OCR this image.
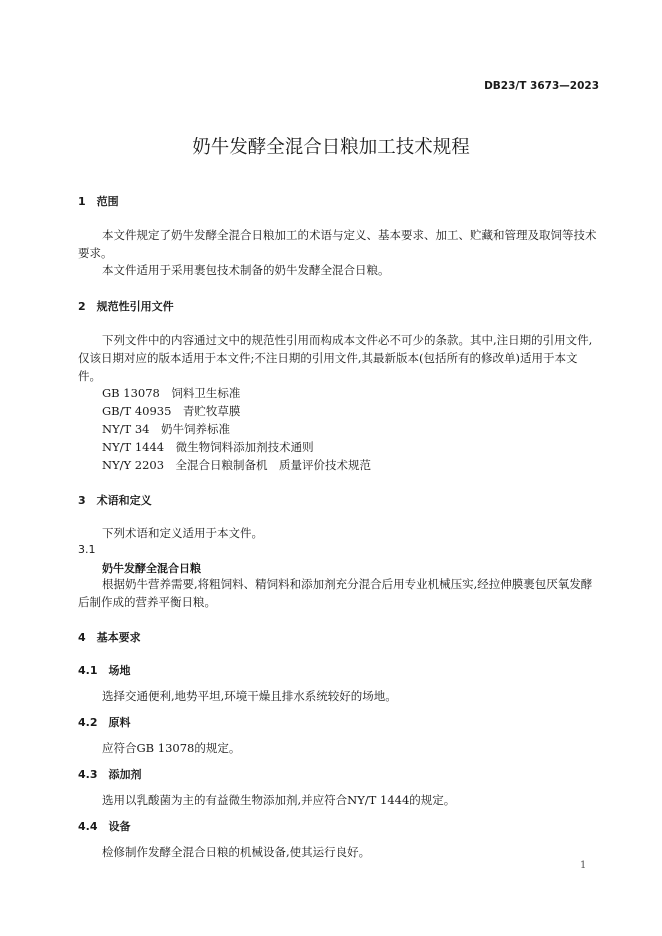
DB23/T 3673—2023
奶牛发酵全混合日粮加工技术规程
1　范围
本文件规定了奶牛发酵全混合日粮加工的术语与定义、基本要求、加工、贮藏和管理及取饲等技术要求。
本文件适用于采用裹包技术制备的奶牛发酵全混合日粮。
2　规范性引用文件
下列文件中的内容通过文中的规范性引用而构成本文件必不可少的条款。其中,注日期的引用文件,仅该日期对应的版本适用于本文件;不注日期的引用文件,其最新版本(包括所有的修改单)适用于本文件。
GB 13078　饲料卫生标准
GB/T 40935　青贮牧草膜
NY/T 34　奶牛饲养标准
NY/T 1444　微生物饲料添加剂技术通则
NY/Y 2203　全混合日粮制备机　质量评价技术规范
3　术语和定义
下列术语和定义适用于本文件。
3.1
奶牛发酵全混合日粮
根据奶牛营养需要,将粗饲料、精饲料和添加剂充分混合后用专业机械压实,经拉伸膜裹包厌氧发酵后制作成的营养平衡日粮。
4　基本要求
4.1　场地
选择交通便利,地势平坦,环境干燥且排水系统较好的场地。
4.2　原料
应符合GB 13078的规定。
4.3　添加剂
选用以乳酸菌为主的有益微生物添加剂,并应符合NY/T 1444的规定。
4.4　设备
检修制作发酵全混合日粮的机械设备,使其运行良好。
1
